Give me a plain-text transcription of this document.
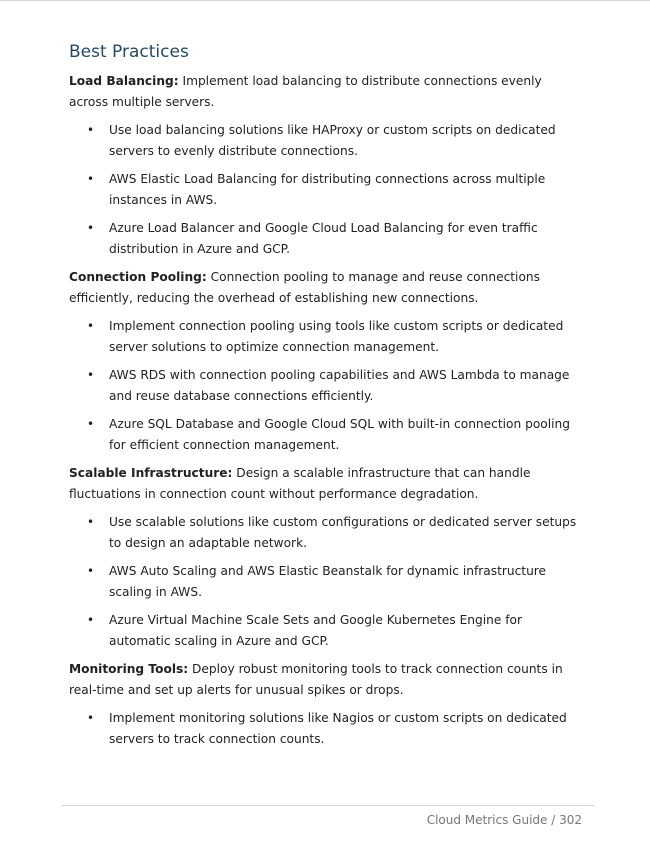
Best Practices

Load Balancing: Implement load balancing to distribute connections evenly across multiple servers.

• Use load balancing solutions like HAProxy or custom scripts on dedicated servers to evenly distribute connections.
• AWS Elastic Load Balancing for distributing connections across multiple instances in AWS.
• Azure Load Balancer and Google Cloud Load Balancing for even traffic distribution in Azure and GCP.

Connection Pooling: Connection pooling to manage and reuse connections efficiently, reducing the overhead of establishing new connections.

• Implement connection pooling using tools like custom scripts or dedicated server solutions to optimize connection management.
• AWS RDS with connection pooling capabilities and AWS Lambda to manage and reuse database connections efficiently.
• Azure SQL Database and Google Cloud SQL with built-in connection pooling for efficient connection management.

Scalable Infrastructure: Design a scalable infrastructure that can handle fluctuations in connection count without performance degradation.

• Use scalable solutions like custom configurations or dedicated server setups to design an adaptable network.
• AWS Auto Scaling and AWS Elastic Beanstalk for dynamic infrastructure scaling in AWS.
• Azure Virtual Machine Scale Sets and Google Kubernetes Engine for automatic scaling in Azure and GCP.

Monitoring Tools: Deploy robust monitoring tools to track connection counts in real-time and set up alerts for unusual spikes or drops.

• Implement monitoring solutions like Nagios or custom scripts on dedicated servers to track connection counts.
Cloud Metrics Guide / 302
